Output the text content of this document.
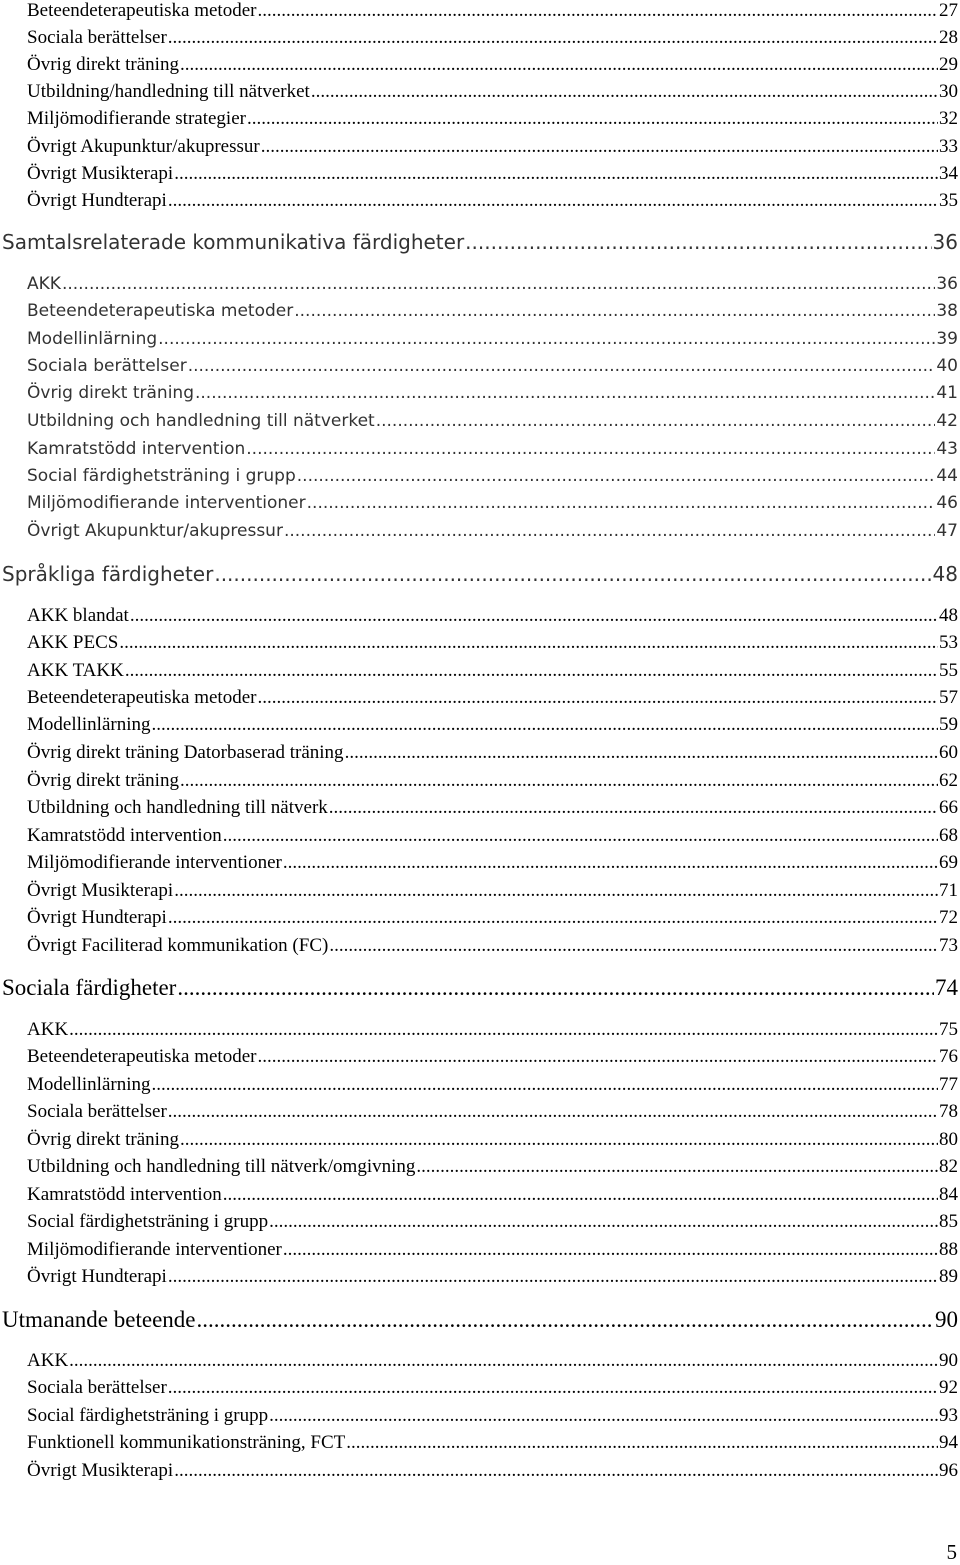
Beteendeterapeutiska metoder .....	27
Sociala berättelser .....	28
Övrig direkt träning .....	29
Utbildning/handledning till nätverket .....	30
Miljömodifierande strategier .....	32
Övrigt Akupunktur/akupressur .....	33
Övrigt Musikterapi .....	34
Övrigt Hundterapi .....	35
Samtalsrelaterade kommunikativa färdigheter .....	36
AKK .....	36
Beteendeterapeutiska metoder .....	38
Modellinlärning .....	39
Sociala berättelser .....	40
Övrig direkt träning .....	41
Utbildning och handledning till nätverket .....	42
Kamratstödd intervention .....	43
Social färdighetsträning i grupp .....	44
Miljömodifierande interventioner .....	46
Övrigt Akupunktur/akupressur .....	47
Språkliga färdigheter .....	48
AKK blandat .....	48
AKK PECS .....	53
AKK TAKK .....	55
Beteendeterapeutiska metoder .....	57
Modellinlärning .....	59
Övrig direkt träning Datorbaserad träning .....	60
Övrig direkt träning .....	62
Utbildning och handledning till nätverk .....	66
Kamratstödd intervention .....	68
Miljömodifierande interventioner .....	69
Övrigt Musikterapi .....	71
Övrigt Hundterapi .....	72
Övrigt Faciliterad kommunikation (FC) .....	73
Sociala färdigheter .....	74
AKK .....	75
Beteendeterapeutiska metoder .....	76
Modellinlärning .....	77
Sociala berättelser .....	78
Övrig direkt träning .....	80
Utbildning och handledning till nätverk/omgivning .....	82
Kamratstödd intervention .....	84
Social färdighetsträning i grupp .....	85
Miljömodifierande interventioner .....	88
Övrigt Hundterapi .....	89
Utmanande beteende .....	90
AKK .....	90
Sociala berättelser .....	92
Social färdighetsträning i grupp .....	93
Funktionell kommunikationsträning, FCT .....	94
Övrigt Musikterapi .....	96
5
